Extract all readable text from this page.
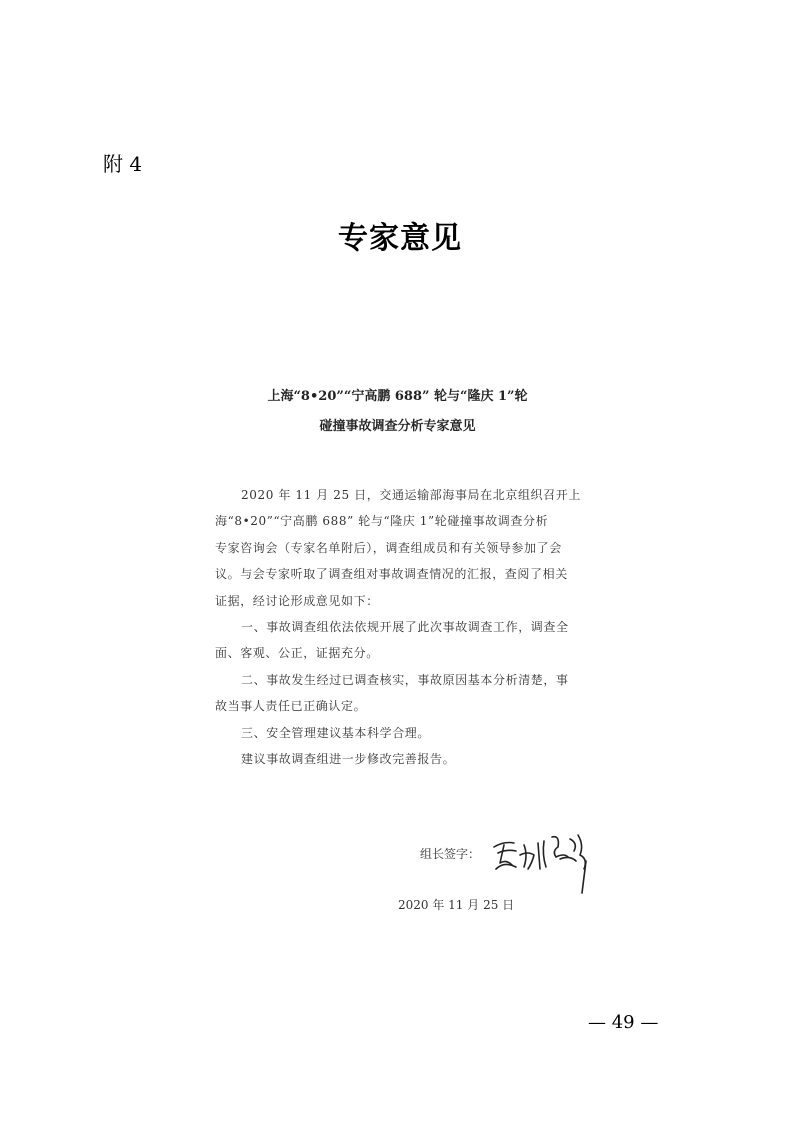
附 4
专家意见
上海“8•20”“宁高鹏 688” 轮与“隆庆 1”轮
碰撞事故调查分析专家意见
2020 年 11 月 25 日，交通运输部海事局在北京组织召开上
海“8•20”“宁高鹏 688” 轮与“隆庆 1”轮碰撞事故调查分析
专家咨询会（专家名单附后），调查组成员和有关领导参加了会
议。与会专家听取了调查组对事故调查情况的汇报，查阅了相关
证据，经讨论形成意见如下：
一、事故调查组依法依规开展了此次事故调查工作，调查全
面、客观、公正，证据充分。
二、事故发生经过已调查核实，事故原因基本分析清楚，事
故当事人责任已正确认定。
三、安全管理建议基本科学合理。
建议事故调查组进一步修改完善报告。
组长签字：
2020 年 11 月 25 日
— 49 —
